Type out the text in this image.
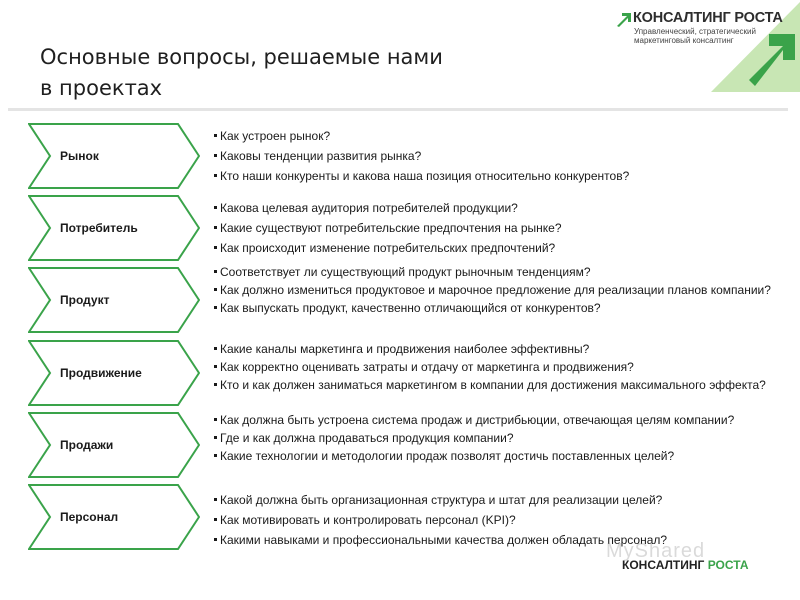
Основные вопросы, решаемые нами
в проектах
КОНСАЛТИНГ РОСТА
Управленческий, стратегический
маркетинговый консалтинг
Рынок
Как устроен рынок?
Каковы тенденции развития рынка?
Кто наши конкуренты и какова наша позиция относительно конкурентов?
Потребитель
Какова целевая аудитория потребителей продукции?
Какие существуют потребительские предпочтения на рынке?
Как происходит изменение потребительских предпочтений?
Продукт
Соответствует ли существующий продукт рыночным тенденциям?
Как должно измениться продуктовое и марочное предложение для реализации планов компании?
Как выпускать продукт, качественно отличающийся от конкурентов?
Продвижение
Какие каналы маркетинга и продвижения наиболее эффективны?
Как корректно оценивать затраты и отдачу от маркетинга и продвижения?
Кто и как должен заниматься маркетингом в компании для достижения максимального эффекта?
Продажи
Как должна быть устроена система продаж и дистрибьюции, отвечающая целям компании?
Где и как должна продаваться продукция компании?
Какие технологии и методологии продаж позволят достичь поставленных целей?
Персонал
Какой должна быть организационная структура и штат для реализации целей?
Как мотивировать и контролировать персонал (KPI)?
Какими навыками и профессиональными качества должен обладать персонал?
MyShared
КОНСАЛТИНГ РОСТА
